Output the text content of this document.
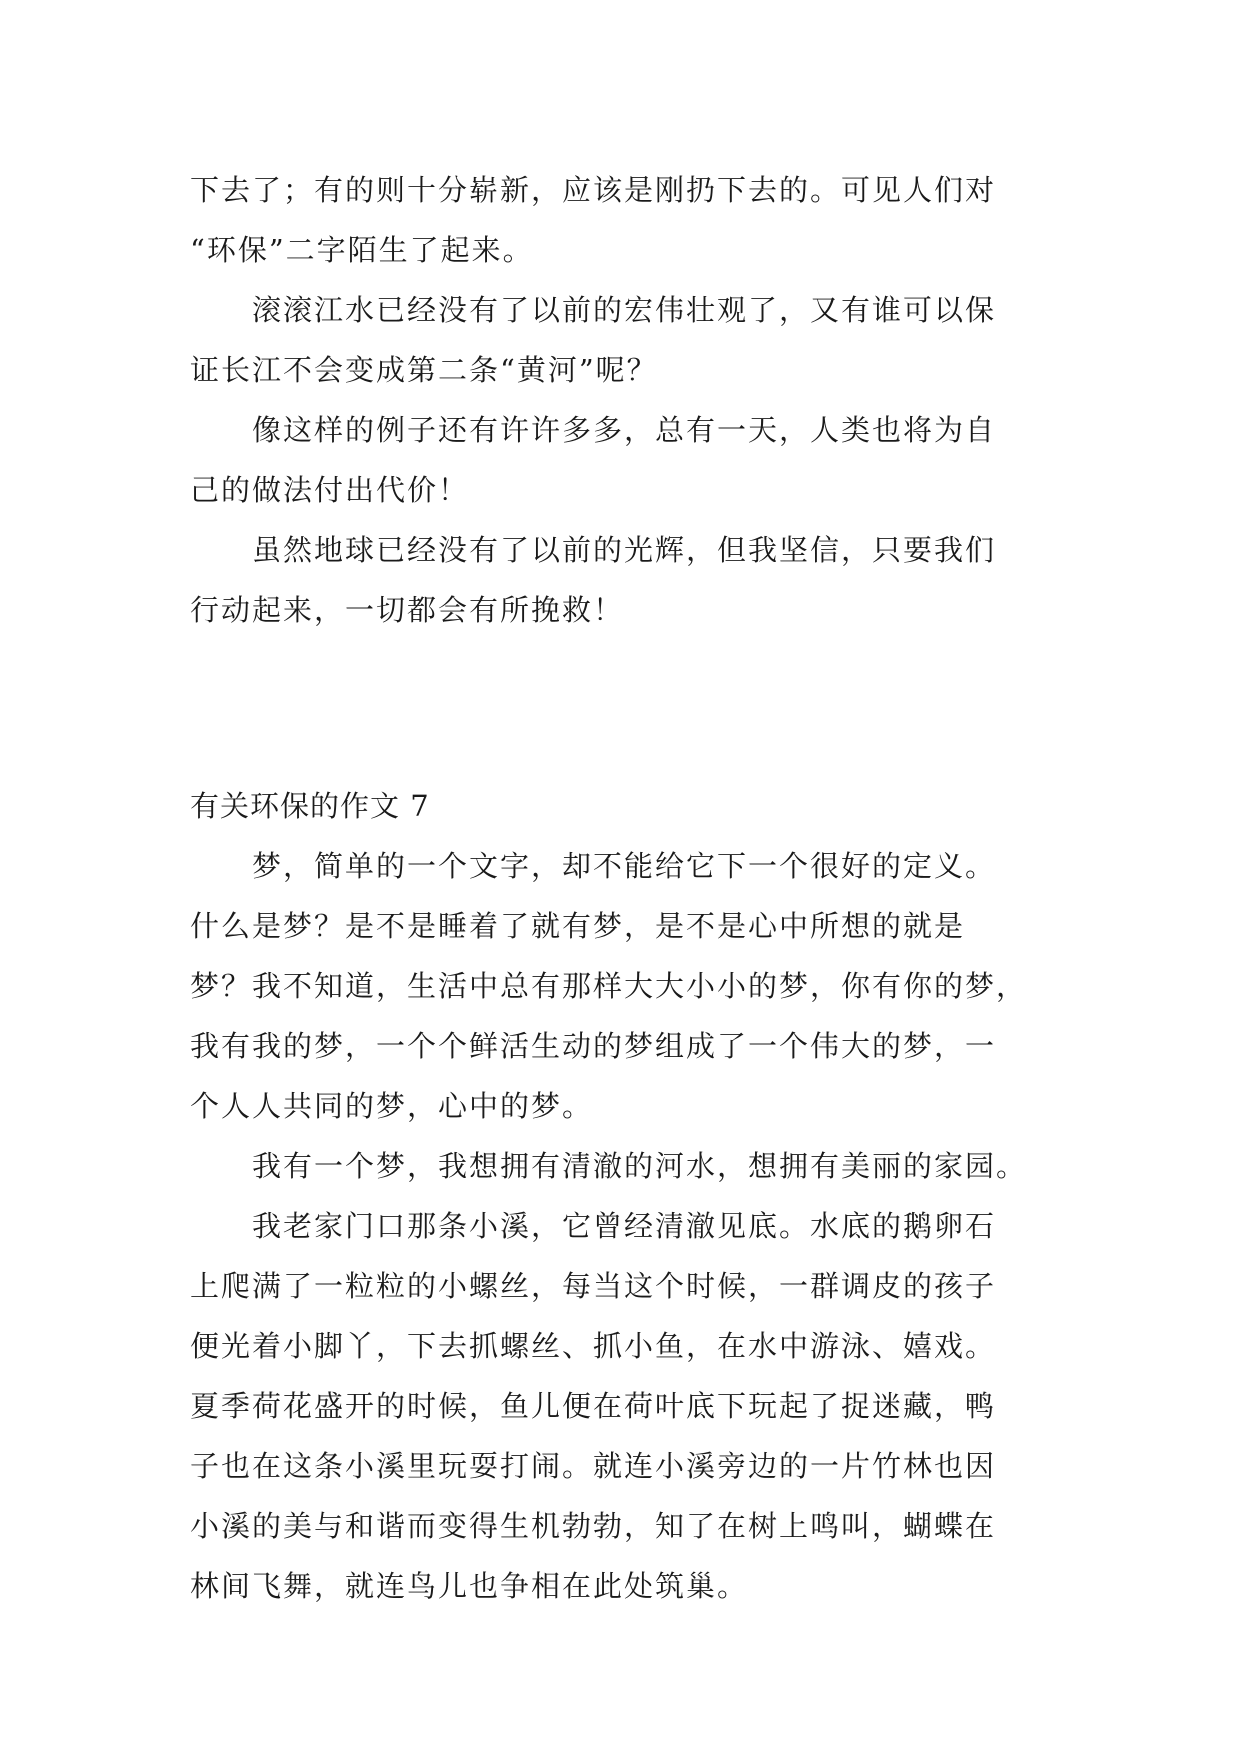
下去了；有的则十分崭新，应该是刚扔下去的。可见人们对
“环保”二字陌生了起来。
滚滚江水已经没有了以前的宏伟壮观了，又有谁可以保
证长江不会变成第二条“黄河”呢？
像这样的例子还有许许多多，总有一天，人类也将为自
己的做法付出代价！
虽然地球已经没有了以前的光辉，但我坚信，只要我们
行动起来，一切都会有所挽救！
有关环保的作文 7
梦，简单的一个文字，却不能给它下一个很好的定义。
什么是梦？是不是睡着了就有梦，是不是心中所想的就是
梦？我不知道，生活中总有那样大大小小的梦，你有你的梦，
我有我的梦，一个个鲜活生动的梦组成了一个伟大的梦，一
个人人共同的梦，心中的梦。
我有一个梦，我想拥有清澈的河水，想拥有美丽的家园。
我老家门口那条小溪，它曾经清澈见底。水底的鹅卵石
上爬满了一粒粒的小螺丝，每当这个时候，一群调皮的孩子
便光着小脚丫，下去抓螺丝、抓小鱼，在水中游泳、嬉戏。
夏季荷花盛开的时候，鱼儿便在荷叶底下玩起了捉迷藏，鸭
子也在这条小溪里玩耍打闹。就连小溪旁边的一片竹林也因
小溪的美与和谐而变得生机勃勃，知了在树上鸣叫，蝴蝶在
林间飞舞，就连鸟儿也争相在此处筑巢。
